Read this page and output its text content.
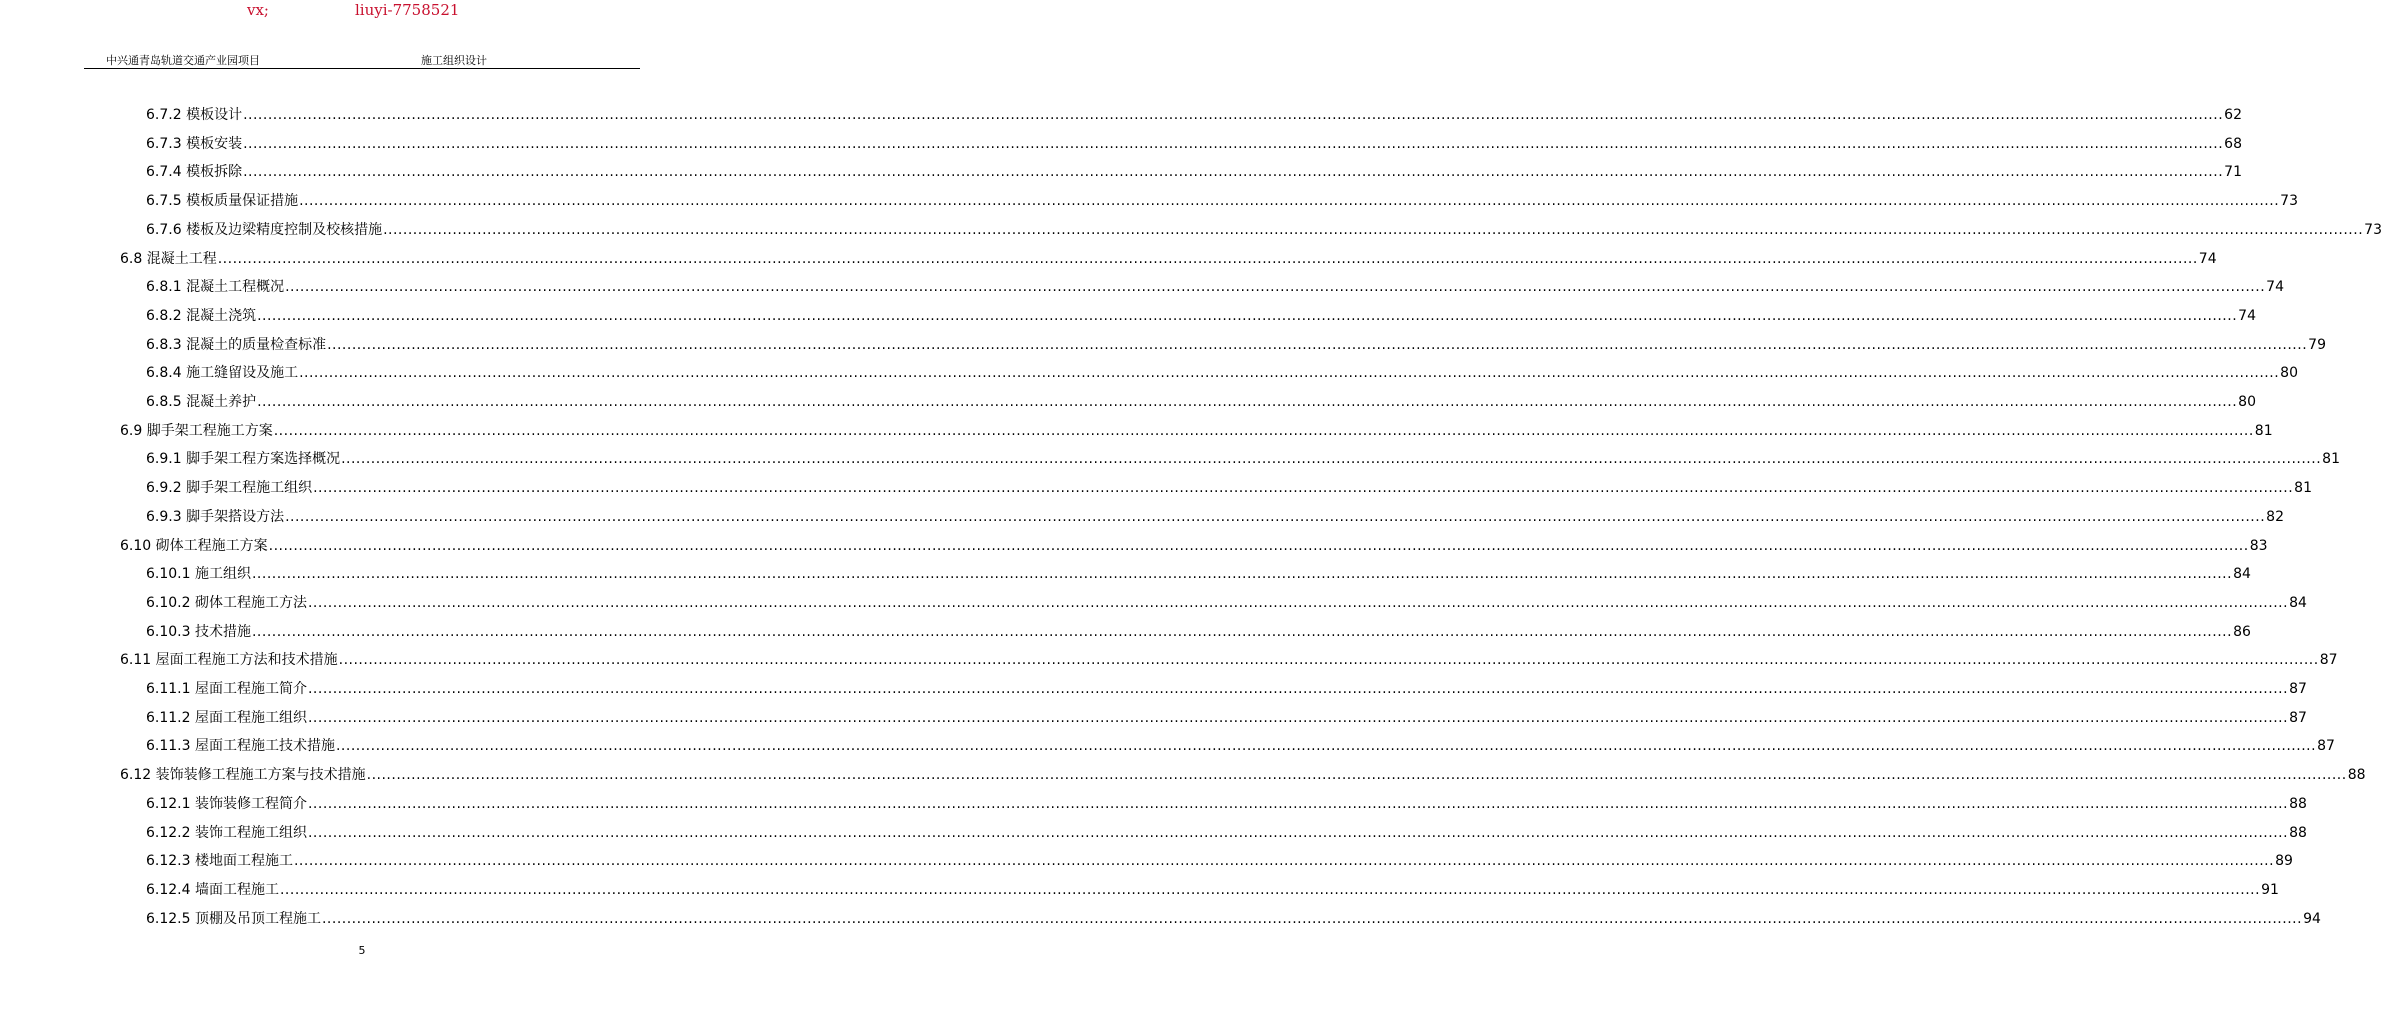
vx;	liuyi-7758521
中兴通青岛轨道交通产业园项目	施工组织设计
6.7.2 模板设计 ................................................................................................................................................................................................................................................................................................................................................................................................................ 62
6.7.3 模板安装 ................................................................................................................................................................................................................................................................................................................................................................................................................ 68
6.7.4 模板拆除 ................................................................................................................................................................................................................................................................................................................................................................................................................ 71
6.7.5 模板质量保证措施 ................................................................................................................................................................................................................................................................................................................................................................................................................ 73
6.7.6 楼板及边梁精度控制及校核措施 ................................................................................................................................................................................................................................................................................................................................................................................................................ 73
6.8 混凝土工程 ................................................................................................................................................................................................................................................................................................................................................................................................................ 74
6.8.1 混凝土工程概况 ................................................................................................................................................................................................................................................................................................................................................................................................................ 74
6.8.2 混凝土浇筑 ................................................................................................................................................................................................................................................................................................................................................................................................................ 74
6.8.3 混凝土的质量检查标准 ................................................................................................................................................................................................................................................................................................................................................................................................................ 79
6.8.4 施工缝留设及施工 ................................................................................................................................................................................................................................................................................................................................................................................................................ 80
6.8.5 混凝土养护 ................................................................................................................................................................................................................................................................................................................................................................................................................ 80
6.9 脚手架工程施工方案 ................................................................................................................................................................................................................................................................................................................................................................................................................ 81
6.9.1 脚手架工程方案选择概况 ................................................................................................................................................................................................................................................................................................................................................................................................................ 81
6.9.2 脚手架工程施工组织 ................................................................................................................................................................................................................................................................................................................................................................................................................ 81
6.9.3 脚手架搭设方法 ................................................................................................................................................................................................................................................................................................................................................................................................................ 82
6.10 砌体工程施工方案 ................................................................................................................................................................................................................................................................................................................................................................................................................ 83
6.10.1 施工组织 ................................................................................................................................................................................................................................................................................................................................................................................................................ 84
6.10.2 砌体工程施工方法 ................................................................................................................................................................................................................................................................................................................................................................................................................ 84
6.10.3 技术措施 ................................................................................................................................................................................................................................................................................................................................................................................................................ 86
6.11 屋面工程施工方法和技术措施 ................................................................................................................................................................................................................................................................................................................................................................................................................ 87
6.11.1 屋面工程施工简介 ................................................................................................................................................................................................................................................................................................................................................................................................................ 87
6.11.2 屋面工程施工组织 ................................................................................................................................................................................................................................................................................................................................................................................................................ 87
6.11.3 屋面工程施工技术措施 ................................................................................................................................................................................................................................................................................................................................................................................................................ 87
6.12 装饰装修工程施工方案与技术措施 ................................................................................................................................................................................................................................................................................................................................................................................................................ 88
6.12.1 装饰装修工程简介 ................................................................................................................................................................................................................................................................................................................................................................................................................ 88
6.12.2 装饰工程施工组织 ................................................................................................................................................................................................................................................................................................................................................................................................................ 88
6.12.3 楼地面工程施工 ................................................................................................................................................................................................................................................................................................................................................................................................................ 89
6.12.4 墙面工程施工 ................................................................................................................................................................................................................................................................................................................................................................................................................ 91
6.12.5 顶棚及吊顶工程施工 ................................................................................................................................................................................................................................................................................................................................................................................................................ 94
5
